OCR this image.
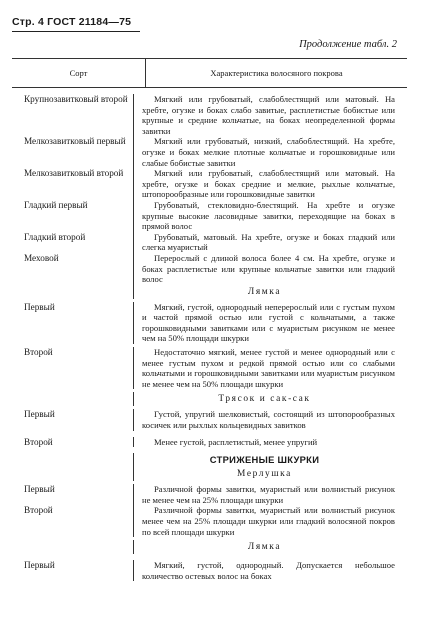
Стр. 4 ГОСТ 21184—75
Продолжение табл. 2
Сорт	Характеристика волосяного покрова
Крупнозавитковый второй	Мягкий или грубоватый, слабоблестящий или матовый. На хребте, огузке и боках слабо завитые, расплетистые бобистые или крупные и средние кольчатые, на боках неопределенной формы завитки
Мелкозавитковый первый	Мягкий или грубоватый, низкий, слабоблестящий. На хребте, огузке и боках мелкие плотные кольчатые и горошковидные или слабые бобистые завитки
Мелкозавитковый второй	Мягкий или грубоватый, слабоблестящий или матовый. На хребте, огузке и боках средние и мелкие, рыхлые кольчатые, штопорообразные или горошковидные завитки
Гладкий первый	Грубоватый, стекловидно-блестящий. На хребте и огузке крупные высокие ласовидные завитки, переходящие на боках в прямой волос
Гладкий второй	Грубоватый, матовый. На хребте, огузке и боках гладкий или слегка муаристый
Меховой	Перерослый с длиной волоса более 4 см. На хребте, огузке и боках расплетистые или крупные кольчатые завитки или гладкий волос
Лямка
Первый	Мягкий, густой, однородный неперерослый или с густым пухом и частой прямой остью или густой с кольчатыми, а также горошковидными завитками или с муаристым рисунком не менее чем на 50% площади шкурки
Второй	Недостаточно мягкий, менее густой и менее однородный или с менее густым пухом и редкой прямой остью или со слабыми кольчатыми и горошковидными завитками или муаристым рисунком не менее чем на 50% площади шкурки
Трясок и сак-сак
Первый	Густой, упругий шелковистый, состоящий из штопорообразных косичек или рыхлых кольцевидных завитков
Второй	Менее густой, расплетистый, менее упругий
СТРИЖЕНЫЕ ШКУРКИ
Мерлушка
Первый	Различной формы завитки, муаристый или волнистый рисунок не менее чем на 25% площади шкурки
Второй	Различной формы завитки, муаристый или волнистый рисунок менее чем на 25% площади шкурки или гладкий волосяной покров по всей площади шкурки
Лямка
Первый	Мягкий, густой, однородный. Допускается небольшое количество остевых волос на боках
